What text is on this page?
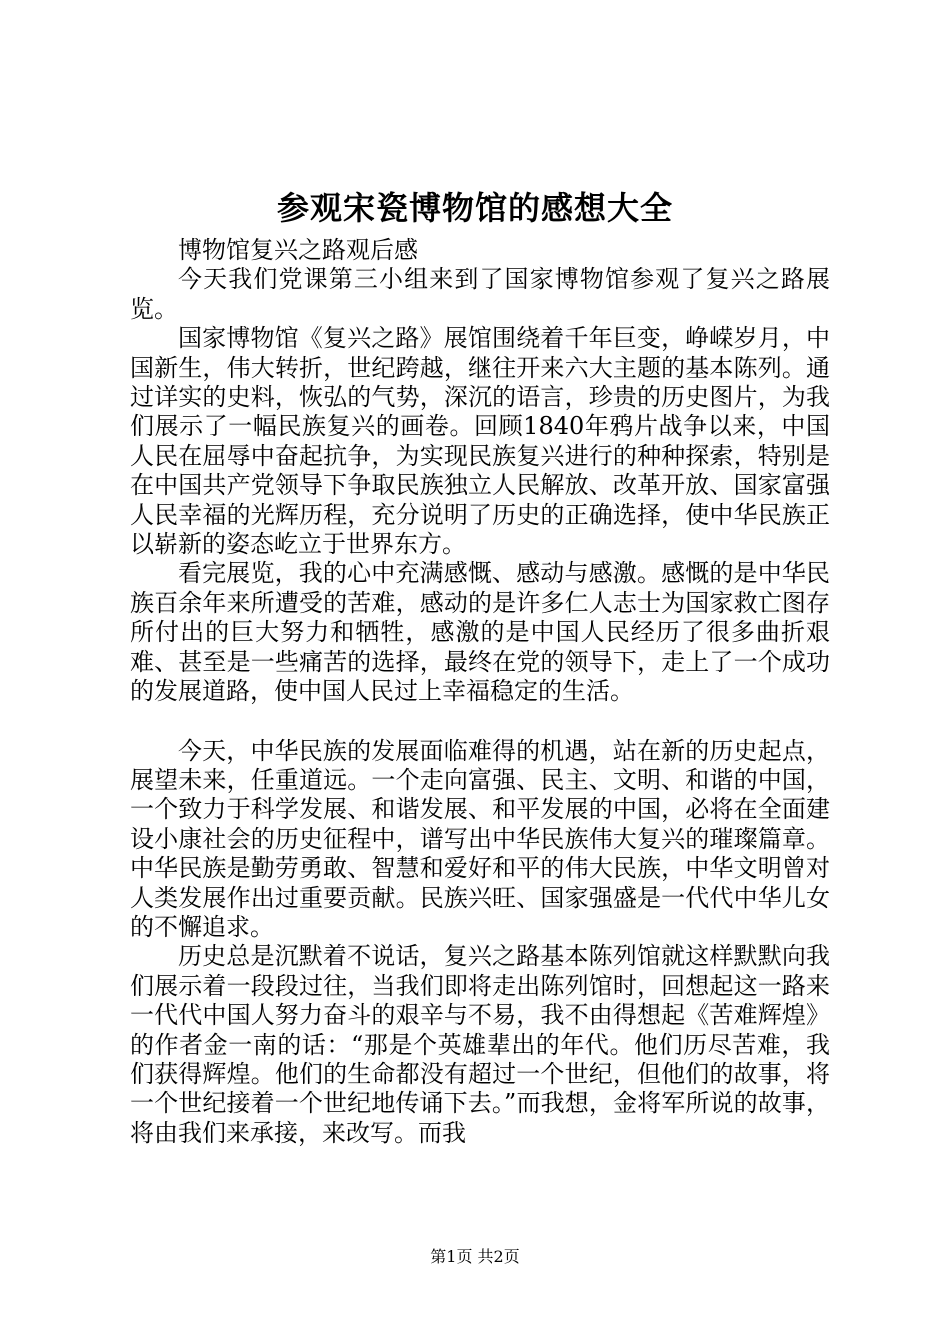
参观宋瓷博物馆的感想大全

博物馆复兴之路观后感

今天我们党课第三小组来到了国家博物馆参观了复兴之路展览。

国家博物馆《复兴之路》展馆围绕着千年巨变，峥嵘岁月，中国新生，伟大转折，世纪跨越，继往开来六大主题的基本陈列。通过详实的史料，恢弘的气势，深沉的语言，珍贵的历史图片，为我们展示了一幅民族复兴的画卷。回顾1840年鸦片战争以来，中国人民在屈辱中奋起抗争，为实现民族复兴进行的种种探索，特别是在中国共产党领导下争取民族独立人民解放、改革开放、国家富强人民幸福的光辉历程，充分说明了历史的正确选择，使中华民族正以崭新的姿态屹立于世界东方。

看完展览，我的心中充满感慨、感动与感激。感慨的是中华民族百余年来所遭受的苦难，感动的是许多仁人志士为国家救亡图存所付出的巨大努力和牺牲，感激的是中国人民经历了很多曲折艰难、甚至是一些痛苦的选择，最终在党的领导下，走上了一个成功的发展道路，使中国人民过上幸福稳定的生活。

今天，中华民族的发展面临难得的机遇，站在新的历史起点，展望未来，任重道远。一个走向富强、民主、文明、和谐的中国，一个致力于科学发展、和谐发展、和平发展的中国，必将在全面建设小康社会的历史征程中，谱写出中华民族伟大复兴的璀璨篇章。中华民族是勤劳勇敢、智慧和爱好和平的伟大民族，中华文明曾对人类发展作出过重要贡献。民族兴旺、国家强盛是一代代中华儿女的不懈追求。

历史总是沉默着不说话，复兴之路基本陈列馆就这样默默向我们展示着一段段过往，当我们即将走出陈列馆时，回想起这一路来一代代中国人努力奋斗的艰辛与不易，我不由得想起《苦难辉煌》的作者金一南的话：“那是个英雄辈出的年代。他们历尽苦难，我们获得辉煌。他们的生命都没有超过一个世纪，但他们的故事，将一个世纪接着一个世纪地传诵下去。”而我想，金将军所说的故事，将由我们来承接，来改写。而我

第1页 共2页
